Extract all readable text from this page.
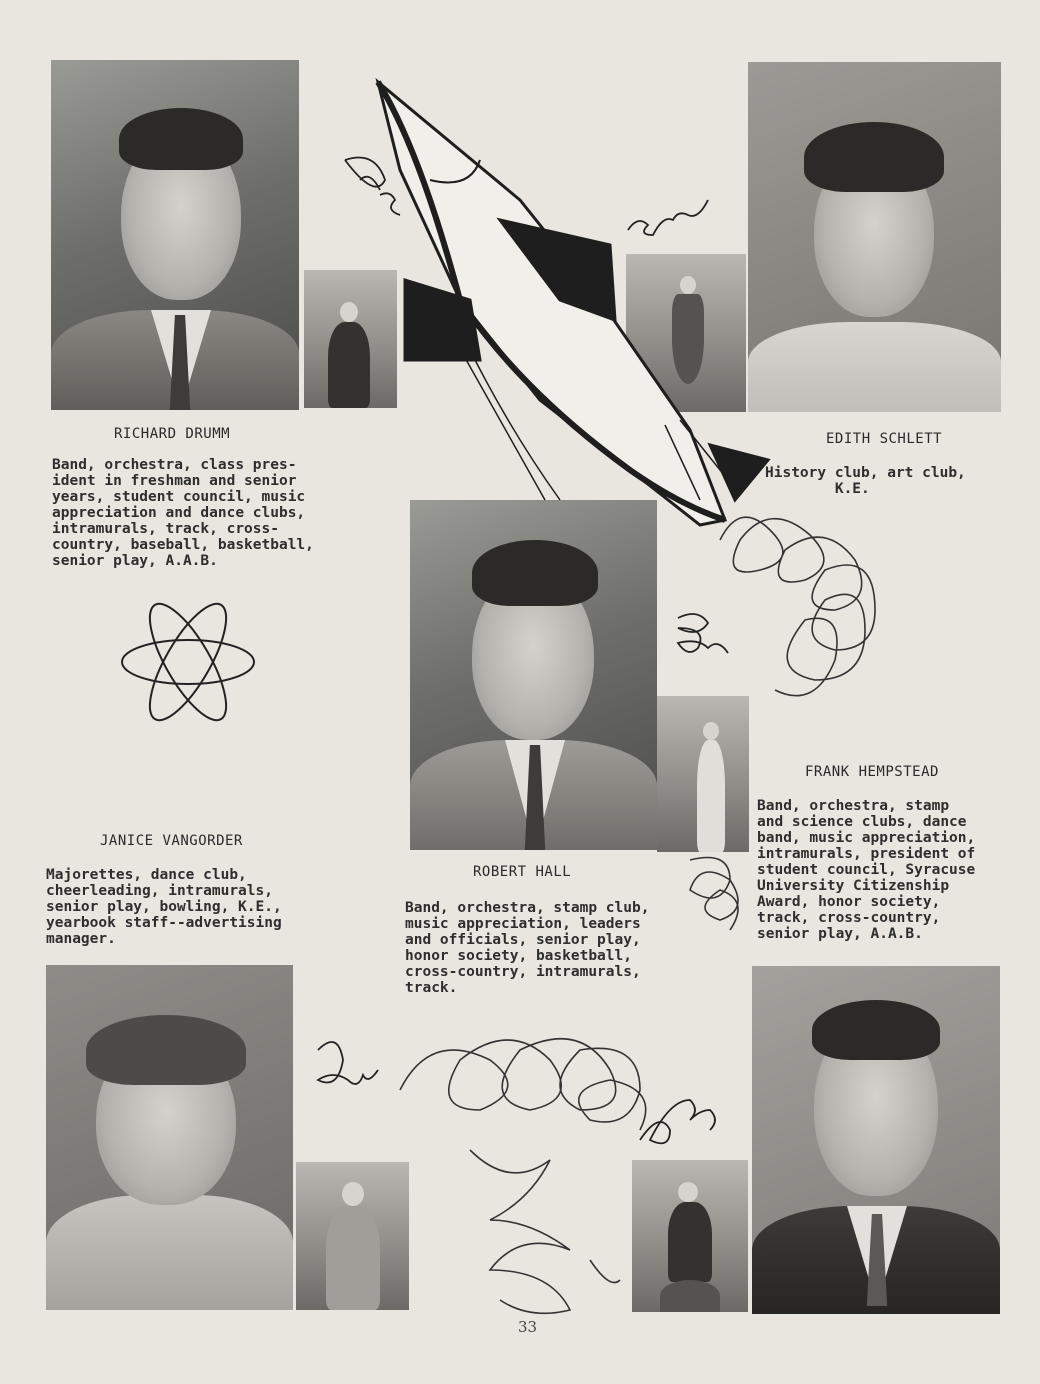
RICHARD DRUMM	EDITH SCHLETT
ROBERT HALL
FRANK HEMPSTEAD
JANICE VANGORDER
Band, orchestra, class pres-
ident in freshman and senior
years, student council, music
appreciation and dance clubs,
intramurals, track, cross-
country, baseball, basketball,
senior play, A.A.B.
History club, art club,
K.E.
Band, orchestra, stamp club,
music appreciation, leaders
and officials, senior play,
honor society, basketball,
cross-country, intramurals,
track.
Band, orchestra, stamp
and science clubs, dance
band, music appreciation,
intramurals, president of
student council, Syracuse
University Citizenship
Award, honor society,
track, cross-country,
senior play, A.A.B.
Majorettes, dance club,
cheerleading, intramurals,
senior play, bowling, K.E.,
yearbook staff--advertising
manager.
33
